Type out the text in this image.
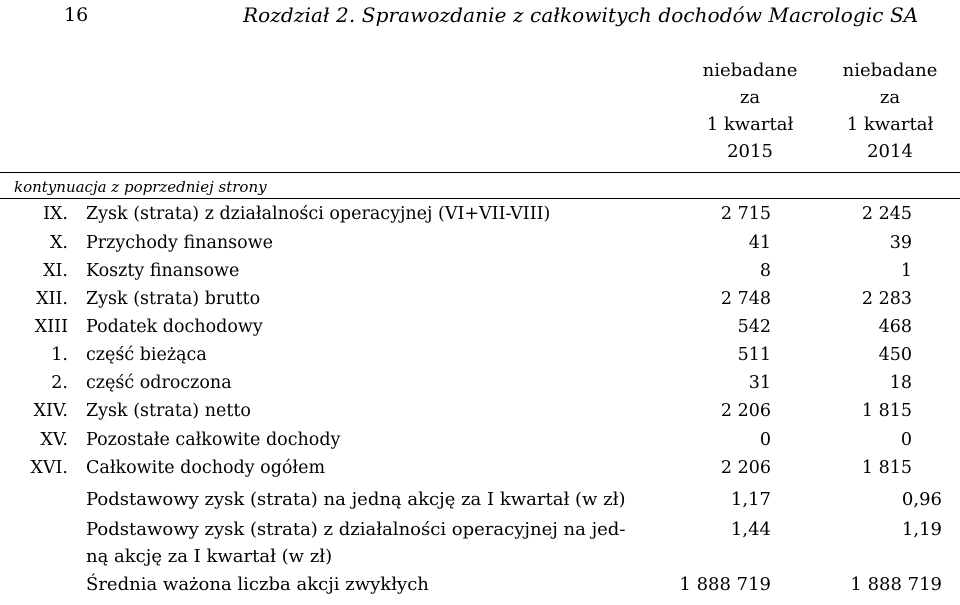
16	Rozdział 2. Sprawozdanie z całkowitych dochodów Macrologic SA
niebadane
za
1 kwartał
2015
niebadane
za
1 kwartał
2014
kontynuacja z poprzedniej strony
IX. Zysk (strata) z działalności operacyjnej (VI+VII-VIII)	2 715	2 245
X. Przychody finansowe	41	39
XI. Koszty finansowe	8	1
XII. Zysk (strata) brutto	2 748	2 283
XIII Podatek dochodowy	542	468
1. część bieżąca	511	450
2. część odroczona	31	18
XIV. Zysk (strata) netto	2 206	1 815
XV. Pozostałe całkowite dochody	0	0
XVI. Całkowite dochody ogółem	2 206	1 815
Podstawowy zysk (strata) na jedną akcję za I kwartał (w zł)	1,17	0,96
Podstawowy zysk (strata) z działalności operacyjnej na jed-
ną akcję za I kwartał (w zł)
1,44	1,19
Średnia ważona liczba akcji zwykłych	1 888 719	1 888 719
